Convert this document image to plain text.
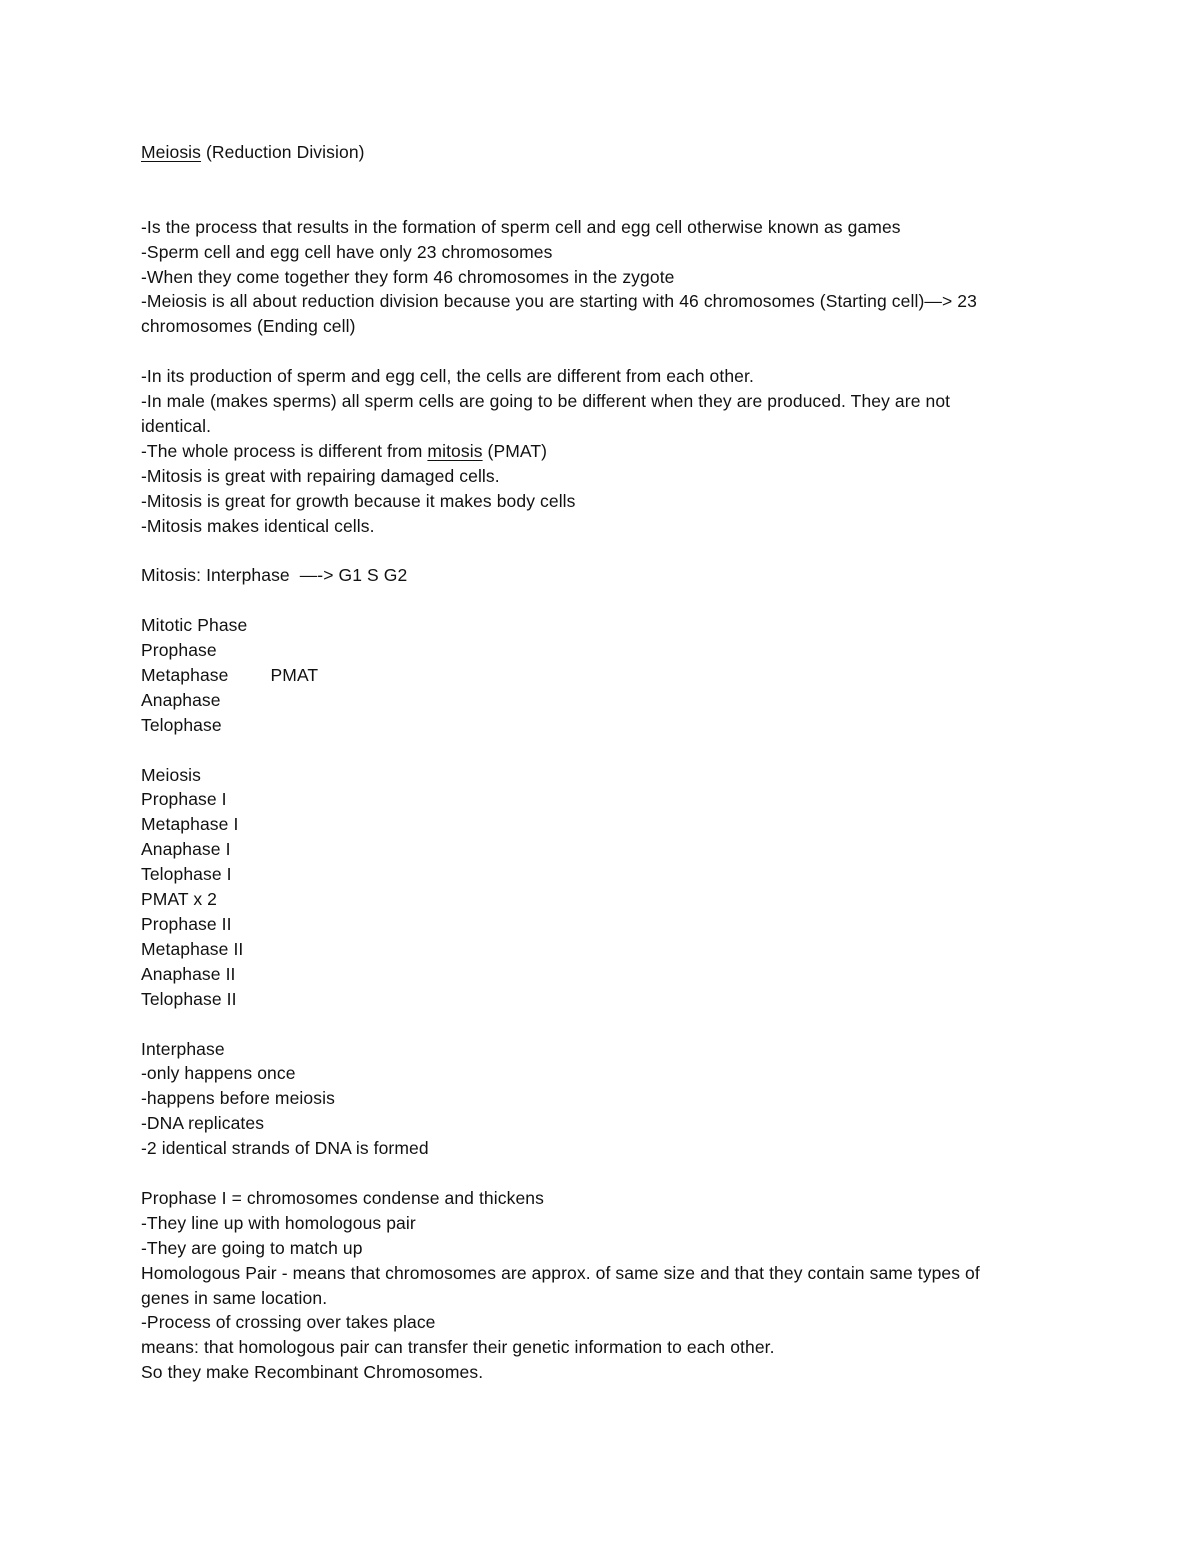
Meiosis (Reduction Division)
-Is the process that results in the formation of sperm cell and egg cell otherwise known as games
-Sperm cell and egg cell have only 23 chromosomes
-When they come together they form 46 chromosomes in the zygote
-Meiosis is all about reduction division because you are starting with 46 chromosomes (Starting cell)—> 23
chromosomes (Ending cell)
-In its production of sperm and egg cell, the cells are different from each other.
-In male (makes sperms) all sperm cells are going to be different when they are produced. They are not
identical.
-The whole process is different from mitosis (PMAT)
-Mitosis is great with repairing damaged cells.
-Mitosis is great for growth because it makes body cells
-Mitosis makes identical cells.
Mitosis: Interphase  —-> G1 S G2
Mitotic Phase
Prophase
Metaphase PMAT
Anaphase
Telophase
Meiosis
Prophase I
Metaphase I
Anaphase I
Telophase I
PMAT x 2
Prophase II
Metaphase II
Anaphase II
Telophase II
Interphase
-only happens once
-happens before meiosis
-DNA replicates
-2 identical strands of DNA is formed
Prophase I = chromosomes condense and thickens
-They line up with homologous pair
-They are going to match up
Homologous Pair - means that chromosomes are approx. of same size and that they contain same types of
genes in same location.
-Process of crossing over takes place
means: that homologous pair can transfer their genetic information to each other.
So they make Recombinant Chromosomes.
